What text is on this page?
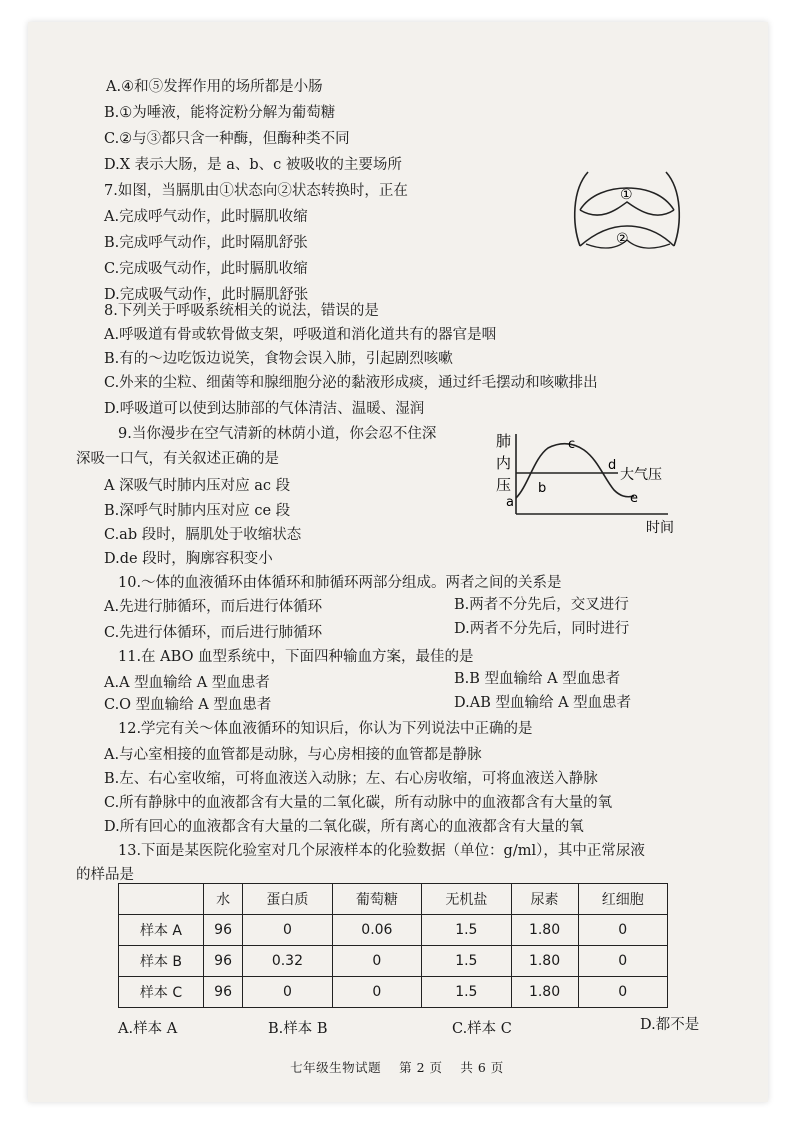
A.④和⑤发挥作用的场所都是小肠
B.①为唾液，能将淀粉分解为葡萄糖
C.②与③都只含一种酶，但酶种类不同
D.X 表示大肠，是 a、b、c 被吸收的主要场所
7.如图，当膈肌由①状态向②状态转换时，正在
A.完成呼气动作，此时膈肌收缩
B.完成呼气动作，此时隔肌舒张
C.完成吸气动作，此时膈肌收缩
D.完成吸气动作，此时膈肌舒张
①
②
8.下列关于呼吸系统相关的说法，错误的是
A.呼吸道有骨或软骨做支架，呼吸道和消化道共有的器官是咽
B.有的～边吃饭边说笑，食物会误入肺，引起剧烈咳嗽
C.外来的尘粒、细菌等和腺细胞分泌的黏液形成痰，通过纤毛摆动和咳嗽排出
D.呼吸道可以使到达肺部的气体清洁、温暖、湿润
9.当你漫步在空气清新的林荫小道，你会忍不住深
深吸一口气，有关叙述正确的是
A 深吸气时肺内压对应 ac 段
B.深呼气时肺内压对应 ce 段
C.ab 段时，膈肌处于收缩状态
D.de 段时，胸廓容积变小
肺
内
压
a
b
c
d
e
大气压
时间
10.～体的血液循环由体循环和肺循环两部分组成。两者之间的关系是
A.先进行肺循环，而后进行体循环	B.两者不分先后，交叉进行
C.先进行体循环，而后进行肺循环	D.两者不分先后，同时进行
11.在 ABO 血型系统中，下面四种输血方案，最佳的是
A.A 型血输给 A 型血患者	B.B 型血输给 A 型血患者
C.O 型血输给 A 型血患者	D.AB 型血输给 A 型血患者
12.学完有关～体血液循环的知识后，你认为下列说法中正确的是
A.与心室相接的血管都是动脉，与心房相接的血管都是静脉
B.左、右心室收缩，可将血液送入动脉；左、右心房收缩，可将血液送入静脉
C.所有静脉中的血液都含有大量的二氧化碳，所有动脉中的血液都含有大量的氧
D.所有回心的血液都含有大量的二氧化碳，所有离心的血液都含有大量的氧
13.下面是某医院化验室对几个尿液样本的化验数据（单位：g/ml），其中正常尿液
的样品是
	水	蛋白质	葡萄糖	无机盐	尿素	红细胞
样本 A	96	0	0.06	1.5	1.80	0
样本 B	96	0.32	0	1.5	1.80	0
样本 C	96	0	0	1.5	1.80	0
A.样本 A	B.样本 B	C.样本 C	D.都不是
七年级生物试题 第 2 页 共 6 页
